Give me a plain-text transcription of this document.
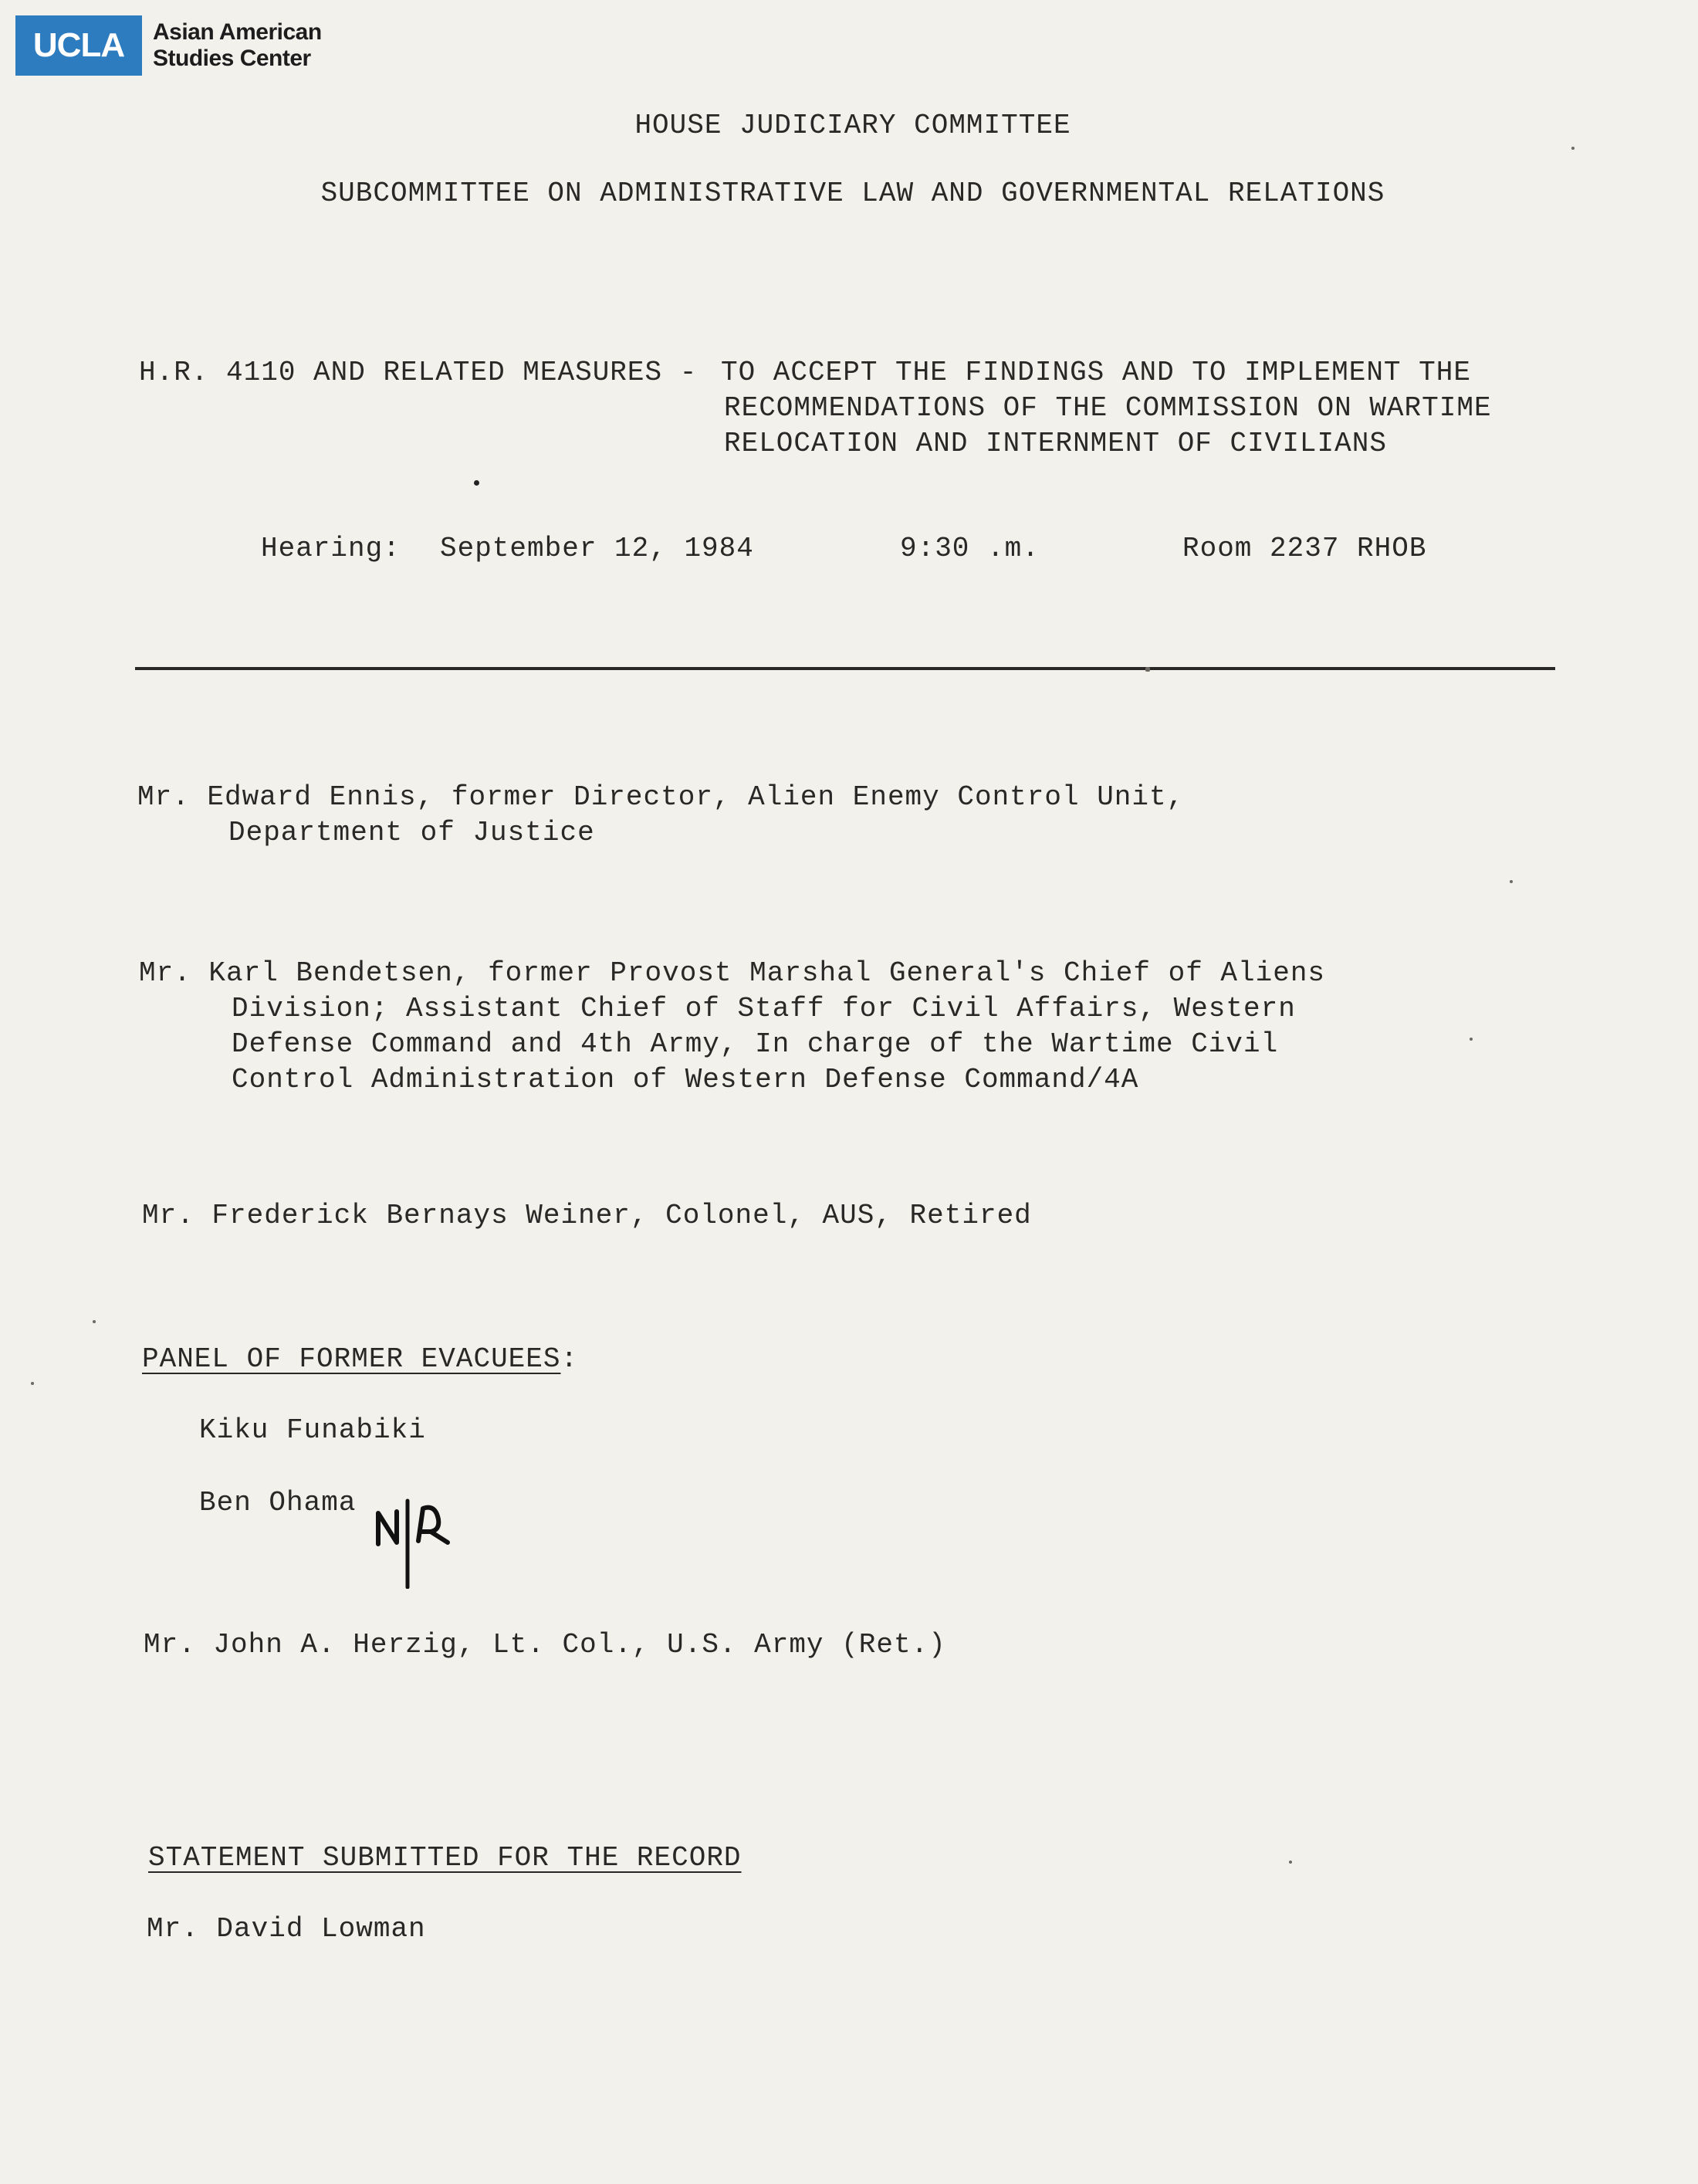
UCLA	Asian American
Studies Center
HOUSE JUDICIARY COMMITTEE
SUBCOMMITTEE ON ADMINISTRATIVE LAW AND GOVERNMENTAL RELATIONS
H.R. 4110 AND RELATED MEASURES - TO ACCEPT THE FINDINGS AND TO IMPLEMENT THE
RECOMMENDATIONS OF THE COMMISSION ON WARTIME
RELOCATION AND INTERNMENT OF CIVILIANS
Hearing: September 12, 1984	9:30 .m.	Room 2237 RHOB
Mr. Edward Ennis, former Director, Alien Enemy Control Unit,
Department of Justice
Mr. Karl Bendetsen, former Provost Marshal General's Chief of Aliens
Division; Assistant Chief of Staff for Civil Affairs, Western
Defense Command and 4th Army, In charge of the Wartime Civil
Control Administration of Western Defense Command/4A
Mr. Frederick Bernays Weiner, Colonel, AUS, Retired
PANEL OF FORMER EVACUEES:
Kiku Funabiki
Ben Ohama
Mr. John A. Herzig, Lt. Col., U.S. Army (Ret.)
STATEMENT SUBMITTED FOR THE RECORD
Mr. David Lowman
